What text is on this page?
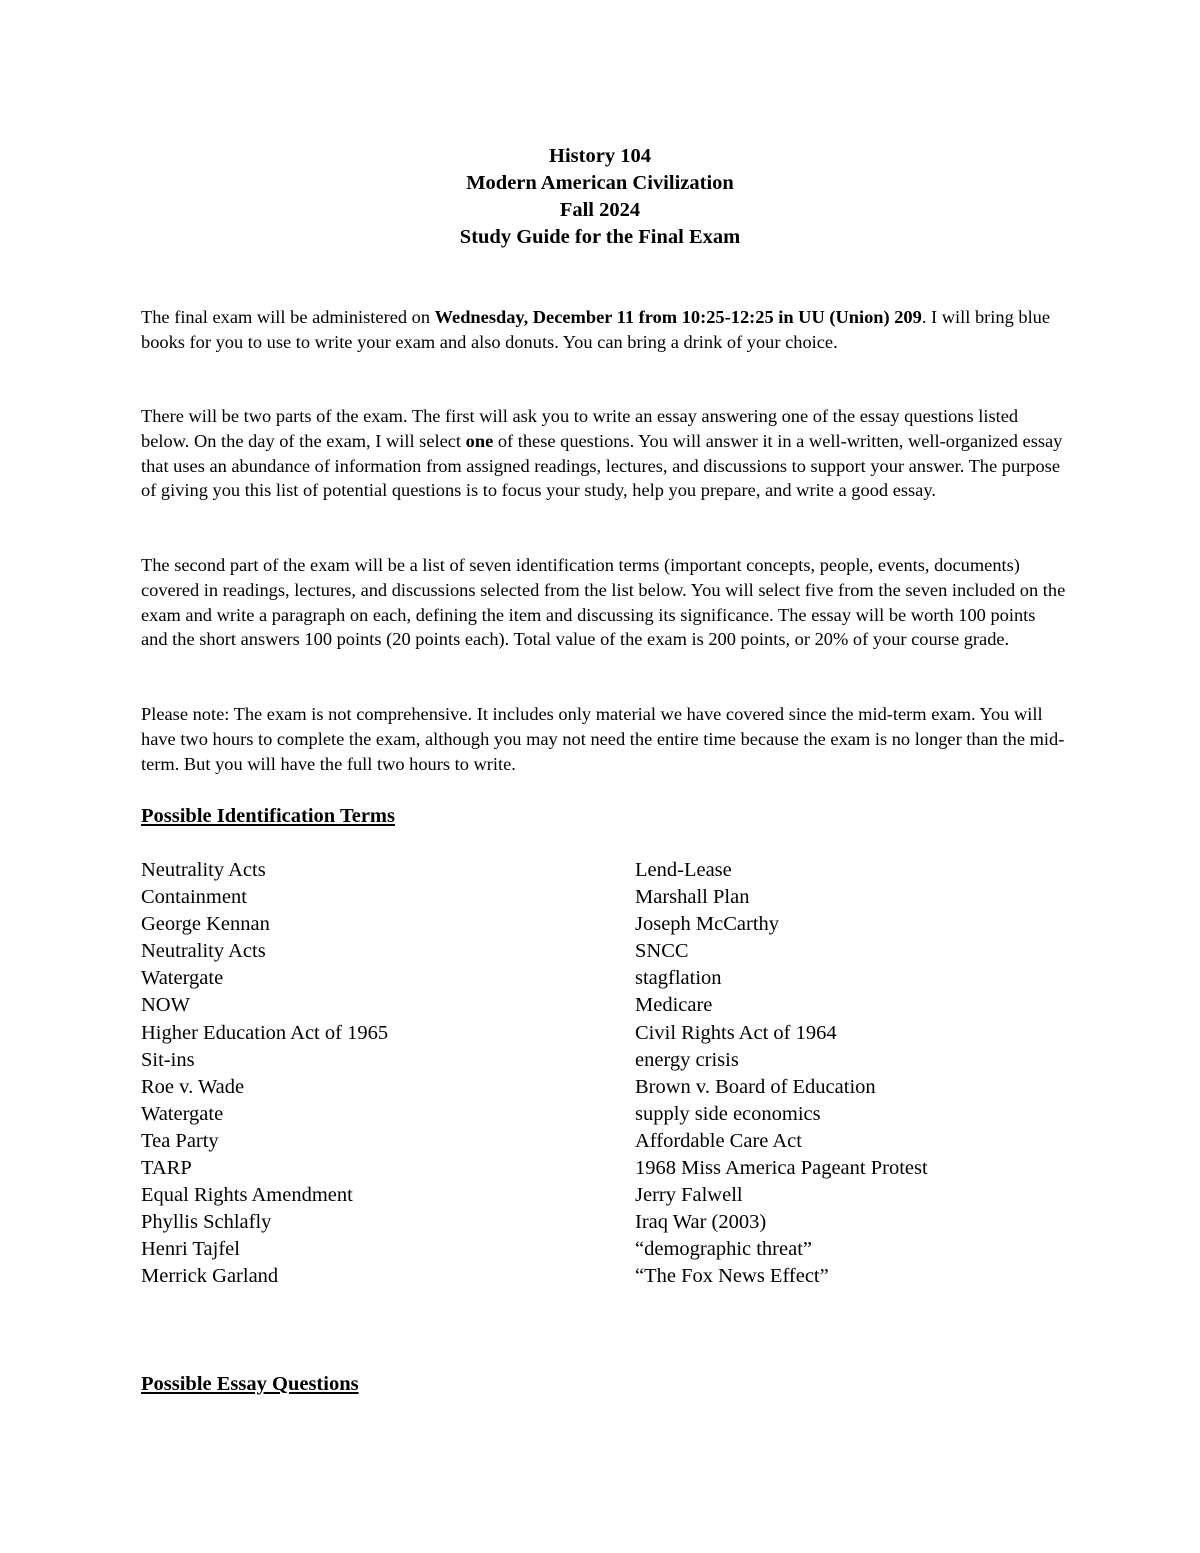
History 104
Modern American Civilization
Fall 2024
Study Guide for the Final Exam

The final exam will be administered on Wednesday, December 11 from 10:25-12:25 in UU (Union) 209. I will bring blue books for you to use to write your exam and also donuts. You can bring a drink of your choice.

There will be two parts of the exam. The first will ask you to write an essay answering one of the essay questions listed below. On the day of the exam, I will select one of these questions. You will answer it in a well-written, well-organized essay that uses an abundance of information from assigned readings, lectures, and discussions to support your answer. The purpose of giving you this list of potential questions is to focus your study, help you prepare, and write a good essay.

The second part of the exam will be a list of seven identification terms (important concepts, people, events, documents) covered in readings, lectures, and discussions selected from the list below. You will select five from the seven included on the exam and write a paragraph on each, defining the item and discussing its significance. The essay will be worth 100 points and the short answers 100 points (20 points each). Total value of the exam is 200 points, or 20% of your course grade.

Please note: The exam is not comprehensive. It includes only material we have covered since the mid-term exam. You will have two hours to complete the exam, although you may not need the entire time because the exam is no longer than the mid-term. But you will have the full two hours to write.

Possible Identification Terms
Neutrality Acts
Containment
George Kennan
Neutrality Acts
Watergate
NOW
Higher Education Act of 1965
Sit-ins
Roe v. Wade
Watergate
Tea Party
TARP
Equal Rights Amendment
Phyllis Schlafly
Henri Tajfel
Merrick Garland
Lend-Lease
Marshall Plan
Joseph McCarthy
SNCC
stagflation
Medicare
Civil Rights Act of 1964
energy crisis
Brown v. Board of Education
supply side economics
Affordable Care Act
1968 Miss America Pageant Protest
Jerry Falwell
Iraq War (2003)
“demographic threat”
“The Fox News Effect”
Possible Essay Questions
